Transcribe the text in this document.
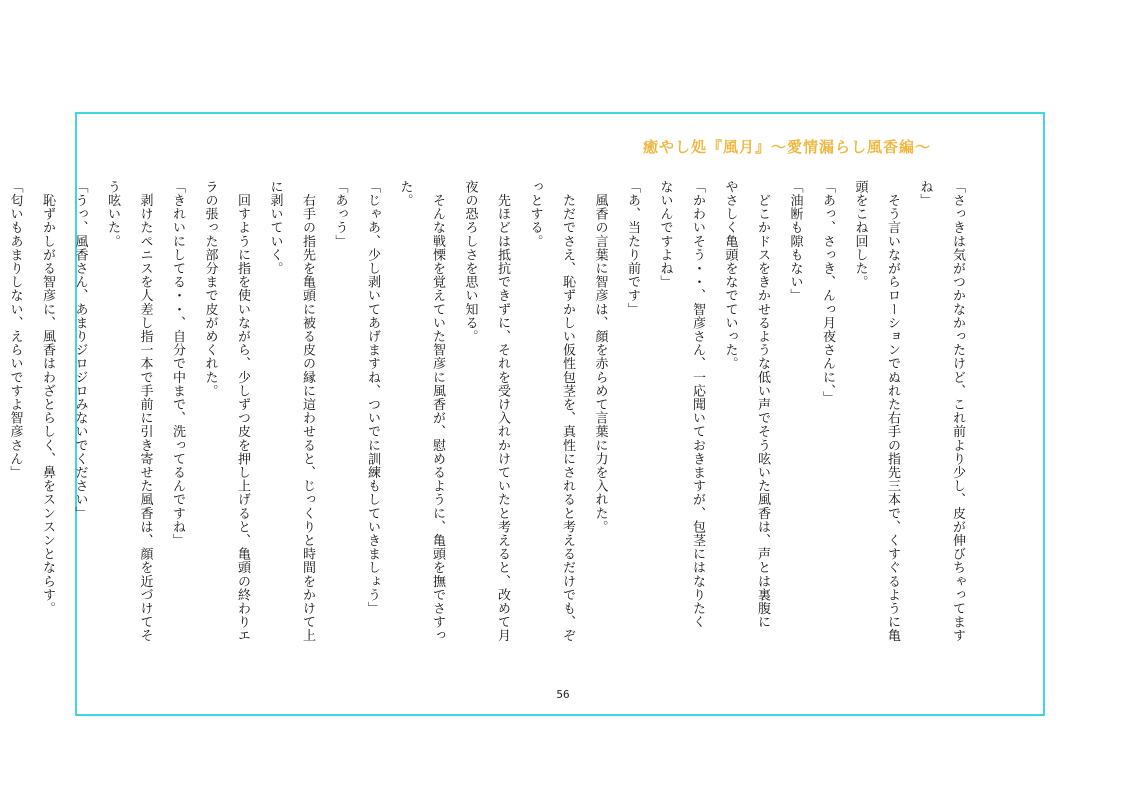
癒やし処『風月』～愛情漏らし風香編～
「さっきは気がつかなかったけど、これ前より少し、皮が伸びちゃってます
ね」
　そう言いながらローションでぬれた右手の指先三本で、くすぐるように亀
頭をこね回した。
「あっ、さっき、んっ月夜さんに、」
「油断も隙もない」
　どこかドスをきかせるような低い声でそう呟いた風香は、声とは裏腹に
やさしく亀頭をなでていった。
「かわいそう・・、智彦さん、一応聞いておきますが、包茎にはなりたく
ないんですよね」
「あ、当たり前です」
　風香の言葉に智彦は、顔を赤らめて言葉に力を入れた。
　ただでさえ、恥ずかしい仮性包茎を、真性にされると考えるだけでも、ぞ
っとする。
　先ほどは抵抗できずに、それを受け入れかけていたと考えると、改めて月
夜の恐ろしさを思い知る。
　そんな戦慄を覚えていた智彦に風香が、慰めるように、亀頭を撫でさすっ
た。
「じゃあ、少し剥いてあげますね、ついでに訓練もしていきましょう」
「あっう」
　右手の指先を亀頭に被る皮の縁に這わせると、じっくりと時間をかけて上
に剥いていく。
　回すように指を使いながら、少しずつ皮を押し上げると、亀頭の終わりエ
ラの張った部分まで皮がめくれた。
「きれいにしてる・・、自分で中まで、洗ってるんですね」
　剥けたペニスを人差し指一本で手前に引き寄せた風香は、顔を近づけてそ
う呟いた。
「うっ、風香さん、あまりジロジロみないでください」
　恥ずかしがる智彦に、風香はわざとらしく、鼻をスンスンとならす。
「匂いもあまりしない、えらいですよ智彦さん」
56
